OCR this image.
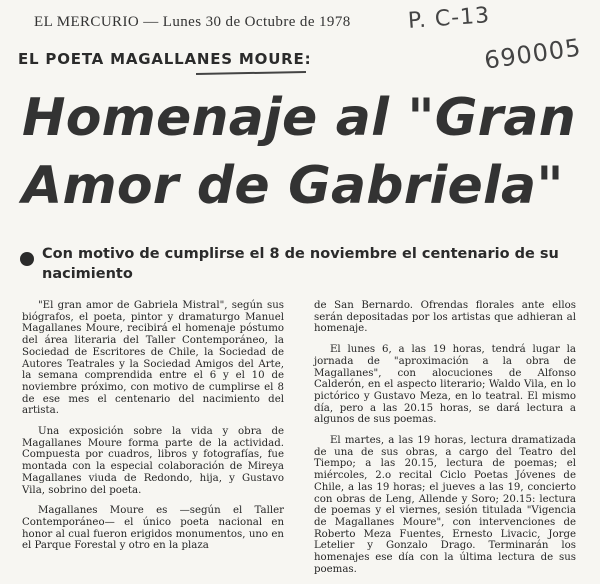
EL MERCURIO — Lunes 30 de Octubre de 1978	P. C-13
690005
EL POETA MAGALLANES MOURE:
Homenaje al "Gran Amor de Gabriela"
Con motivo de cumplirse el 8 de noviembre el centenario de su nacimiento

"El gran amor de Gabriela Mistral", según sus biógrafos, el poeta, pintor y dramaturgo Manuel Magallanes Moure, recibirá el homenaje póstumo del área literaria del Taller Contemporáneo, la Sociedad de Escritores de Chile, la Sociedad de Autores Teatrales y la Sociedad Amigos del Arte, la semana comprendida entre el 6 y el 10 de noviembre próximo, con motivo de cumplirse el 8 de ese mes el centenario del nacimiento del artista.

Una exposición sobre la vida y obra de Magallanes Moure forma parte de la actividad. Compuesta por cuadros, libros y fotografías, fue montada con la especial colaboración de Mireya Magallanes viuda de Redondo, hija, y Gustavo Vila, sobrino del poeta.

Magallanes Moure es —según el Taller Contemporáneo— el único poeta nacional en honor al cual fueron erigidos monumentos, uno en el Parque Forestal y otro en la plaza

de San Bernardo. Ofrendas florales ante ellos serán depositadas por los artistas que adhieran al homenaje.

El lunes 6, a las 19 horas, tendrá lugar la jornada de "aproximación a la obra de Magallanes", con alocuciones de Alfonso Calderón, en el aspecto literario; Waldo Vila, en lo pictórico y Gustavo Meza, en lo teatral. El mismo día, pero a las 20.15 horas, se dará lectura a algunos de sus poemas.

El martes, a las 19 horas, lectura dramatizada de una de sus obras, a cargo del Teatro del Tiempo; a las 20.15, lectura de poemas; el miércoles, 2.o recital Ciclo Poetas Jóvenes de Chile, a las 19 horas; el jueves a las 19, concierto con obras de Leng, Allende y Soro; 20.15: lectura de poemas y el viernes, sesión titulada "Vigencia de Magallanes Moure", con intervenciones de Roberto Meza Fuentes, Ernesto Livacic, Jorge Letelier y Gonzalo Drago. Terminarán los homenajes ese día con la última lectura de sus poemas.
